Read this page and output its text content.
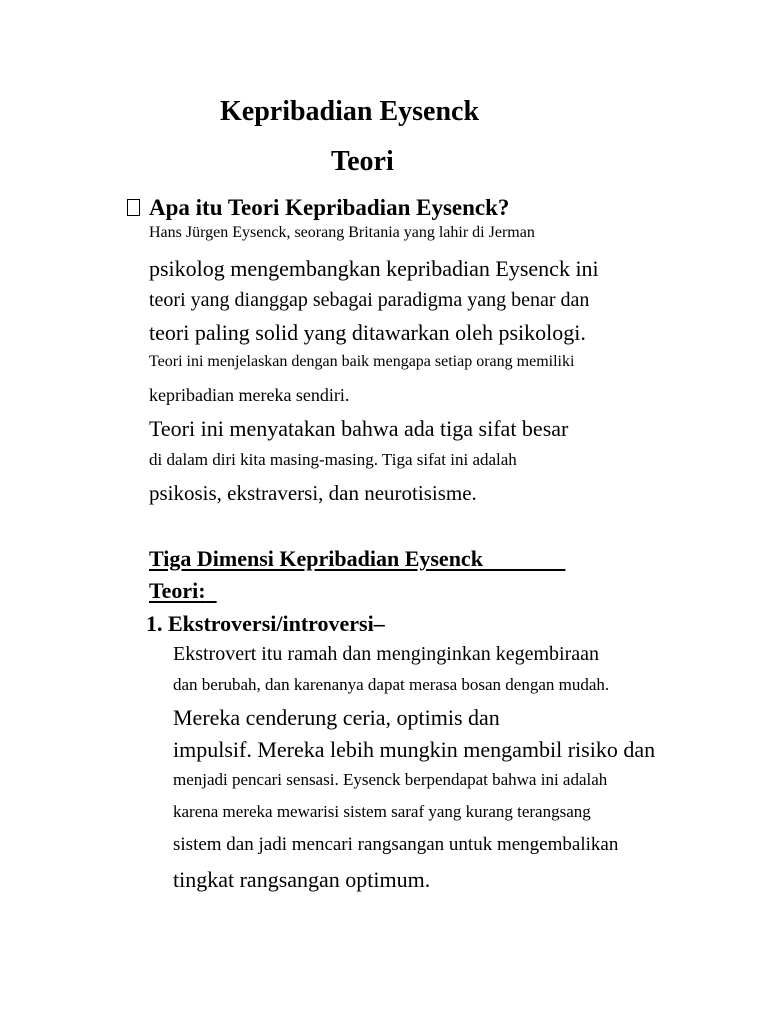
Kepribadian Eysenck
Teori
Apa itu Teori Kepribadian Eysenck?
Hans Jürgen Eysenck, seorang Britania yang lahir di Jerman
psikolog mengembangkan kepribadian Eysenck ini
teori yang dianggap sebagai paradigma yang benar dan
teori paling solid yang ditawarkan oleh psikologi.
Teori ini menjelaskan dengan baik mengapa setiap orang memiliki
kepribadian mereka sendiri.
Teori ini menyatakan bahwa ada tiga sifat besar
di dalam diri kita masing-masing. Tiga sifat ini adalah
psikosis, ekstraversi, dan neurotisisme.
Tiga Dimensi Kepribadian Eysenck
Teori:
1. Ekstroversi/introversi–
Ekstrovert itu ramah dan menginginkan kegembiraan
dan berubah, dan karenanya dapat merasa bosan dengan mudah.
Mereka cenderung ceria, optimis dan
impulsif. Mereka lebih mungkin mengambil risiko dan
menjadi pencari sensasi. Eysenck berpendapat bahwa ini adalah
karena mereka mewarisi sistem saraf yang kurang terangsang
sistem dan jadi mencari rangsangan untuk mengembalikan
tingkat rangsangan optimum.
